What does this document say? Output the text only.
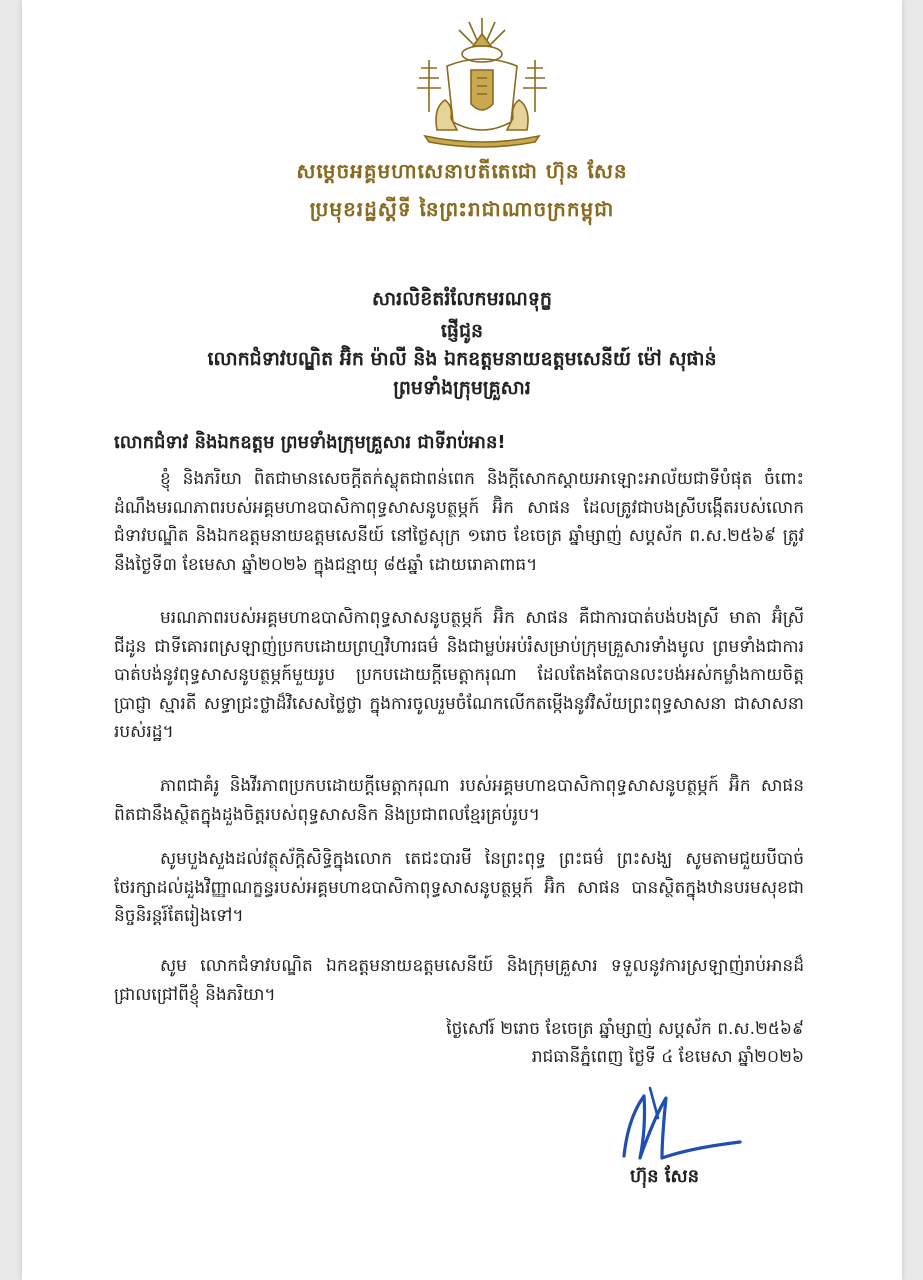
សម្ដេចអគ្គមហាសេនាបតីតេជោ ហ៊ុន សែន
ប្រមុខរដ្ឋស្ដីទី នៃព្រះរាជាណាចក្រកម្ពុជា
សារលិខិតរំលែកមរណទុក្ខ
ផ្ញើជូន
លោកជំទាវបណ្ឌិត អ៊ិក ម៉ាលី និង ឯកឧត្តមនាយឧត្តមសេនីយ៍ ម៉ៅ សុផាន់
ព្រមទាំងក្រុមគ្រួសារ
លោកជំទាវ និងឯកឧត្តម ព្រមទាំងក្រុមគ្រួសារ ជាទីរាប់អាន!
ខ្ញុំ និងភរិយា ពិតជាមានសេចក្ដីតក់ស្លុតជាពន់ពេក និងក្ដីសោកស្ដាយអាឡោះអាល័យជាទីបំផុត ចំពោះដំណឹងមរណភាពរបស់អគ្គមហាឧបាសិកាពុទ្ធសាសនូបត្ថម្ភក៍ អ៊ិក សាផន ដែលត្រូវជាបងស្រីបង្កើតរបស់លោកជំទាវបណ្ឌិត និងឯកឧត្តមនាយឧត្តមសេនីយ៍ នៅថ្ងៃសុក្រ ១រោច ខែចេត្រ ឆ្នាំម្សាញ់ សប្តស័ក ព.ស.២៥៦៩ ត្រូវនឹងថ្ងៃទី៣ ខែមេសា ឆ្នាំ២០២៦ ក្នុងជន្មាយុ ៨៥ឆ្នាំ ដោយរោគាពាធ។
មរណភាពរបស់អគ្គមហាឧបាសិកាពុទ្ធសាសនូបត្ថម្ភក៍ អ៊ិក សាផន គឺជាការបាត់បង់បងស្រី មាតា អ៊ំស្រី ជីដូន ជាទីគោរពស្រឡាញ់ប្រកបដោយព្រហ្មវិហារធម៌ និងជាម្លប់អប់រំសម្រាប់ក្រុមគ្រួសារទាំងមូល ព្រមទាំងជាការបាត់បង់នូវពុទ្ធសាសនូបត្ថម្ភក៍មួយរូប ប្រកបដោយក្ដីមេត្តាករុណា ដែលតែងតែបានលះបង់អស់កម្លាំងកាយចិត្ត ប្រាជ្ញា ស្មារតី សទ្ធាជ្រះថ្លាដ៏វិសេសថ្លៃថ្លា ក្នុងការចូលរួមចំណែកលើកតម្កើងនូវវិស័យព្រះពុទ្ធសាសនា ជាសាសនារបស់រដ្ឋ។
ភាពជាគំរូ និងវីរភាពប្រកបដោយក្ដីមេត្តាករុណា របស់អគ្គមហាឧបាសិកាពុទ្ធសាសនូបត្ថម្ភក៍ អ៊ិក សាផន ពិតជានឹងស្ថិតក្នុងដួងចិត្តរបស់ពុទ្ធសាសនិក និងប្រជាពលខ្មែរគ្រប់រូប។
សូមបួងសួងដល់វត្ថុស័ក្តិសិទ្ធិក្នុងលោក តេជះបារមី នៃព្រះពុទ្ធ ព្រះធម៌ ព្រះសង្ឃ សូមតាមជួយបីបាច់ថែរក្សាដល់ដួងវិញ្ញាណក្ខន្ធរបស់អគ្គមហាឧបាសិកាពុទ្ធសាសនូបត្ថម្ភក៍ អ៊ិក សាផន បានស្ថិតក្នុងឋានបរមសុខជានិច្ចនិរន្តរ៍តែរៀងទៅ។
សូម លោកជំទាវបណ្ឌិត ឯកឧត្តមនាយឧត្តមសេនីយ៍ និងក្រុមគ្រួសារ ទទួលនូវការស្រឡាញ់រាប់អានដ៏ជ្រាលជ្រៅពីខ្ញុំ និងភរិយា។
ថ្ងៃសៅរ៍ ២រោច ខែចេត្រ ឆ្នាំម្សាញ់ សប្តស័ក ព.ស.២៥៦៩
រាជធានីភ្នំពេញ ថ្ងៃទី ៤ ខែមេសា ឆ្នាំ២០២៦
ហ៊ុន សែន
